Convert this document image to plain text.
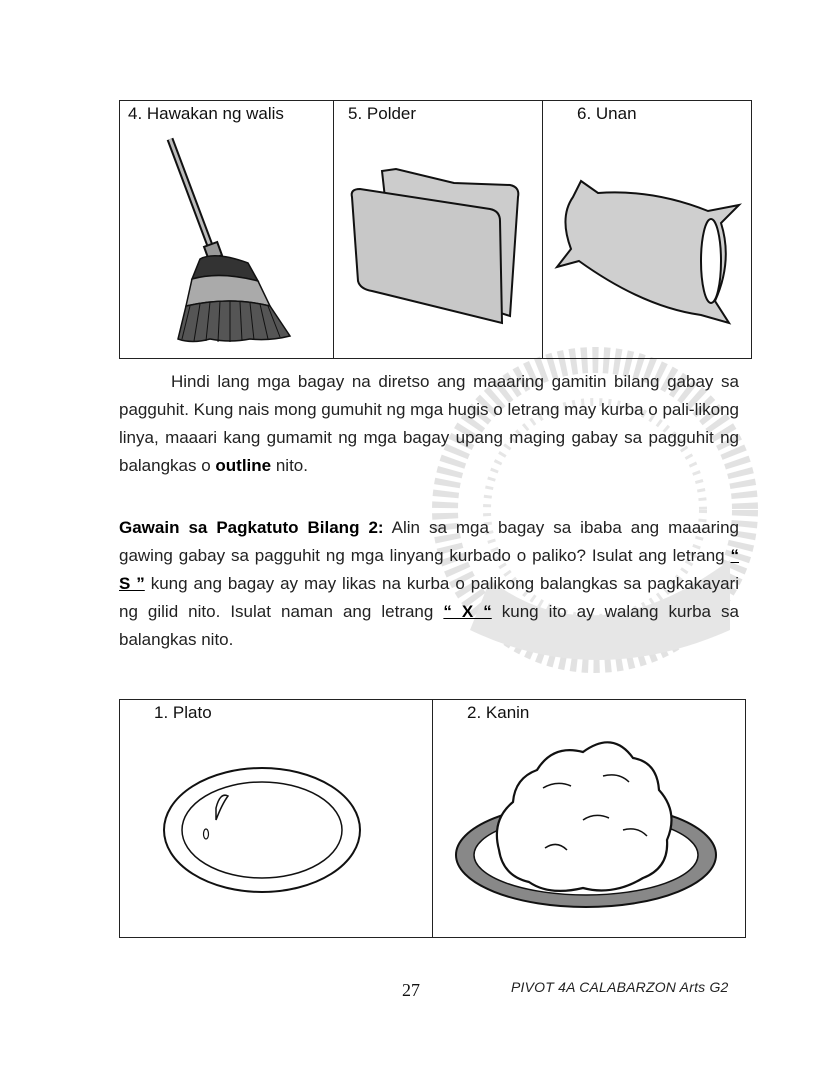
4. Hawakan ng walis	5. Polder	6. Unan

Hindi lang mga bagay na diretso ang maaaring gamitin bilang gabay sa pagguhit. Kung nais mong gumuhit ng mga hugis o letrang may kurba o pali-likong linya, maaari kang gumamit ng mga bagay upang maging gabay sa pagguhit ng balangkas o outline nito.

Gawain sa Pagkatuto Bilang 2: Alin sa mga bagay sa ibaba ang maaaring gawing gabay sa pagguhit ng mga linyang kurbado o paliko? Isulat ang letrang “ S ” kung ang bagay ay may likas na kurba o palikong balangkas sa pagkakayari ng gilid nito. Isulat naman ang letrang “ X “ kung ito ay walang kurba sa balangkas nito.

1. Plato	2. Kanin
27	PIVOT 4A CALABARZON Arts G2
